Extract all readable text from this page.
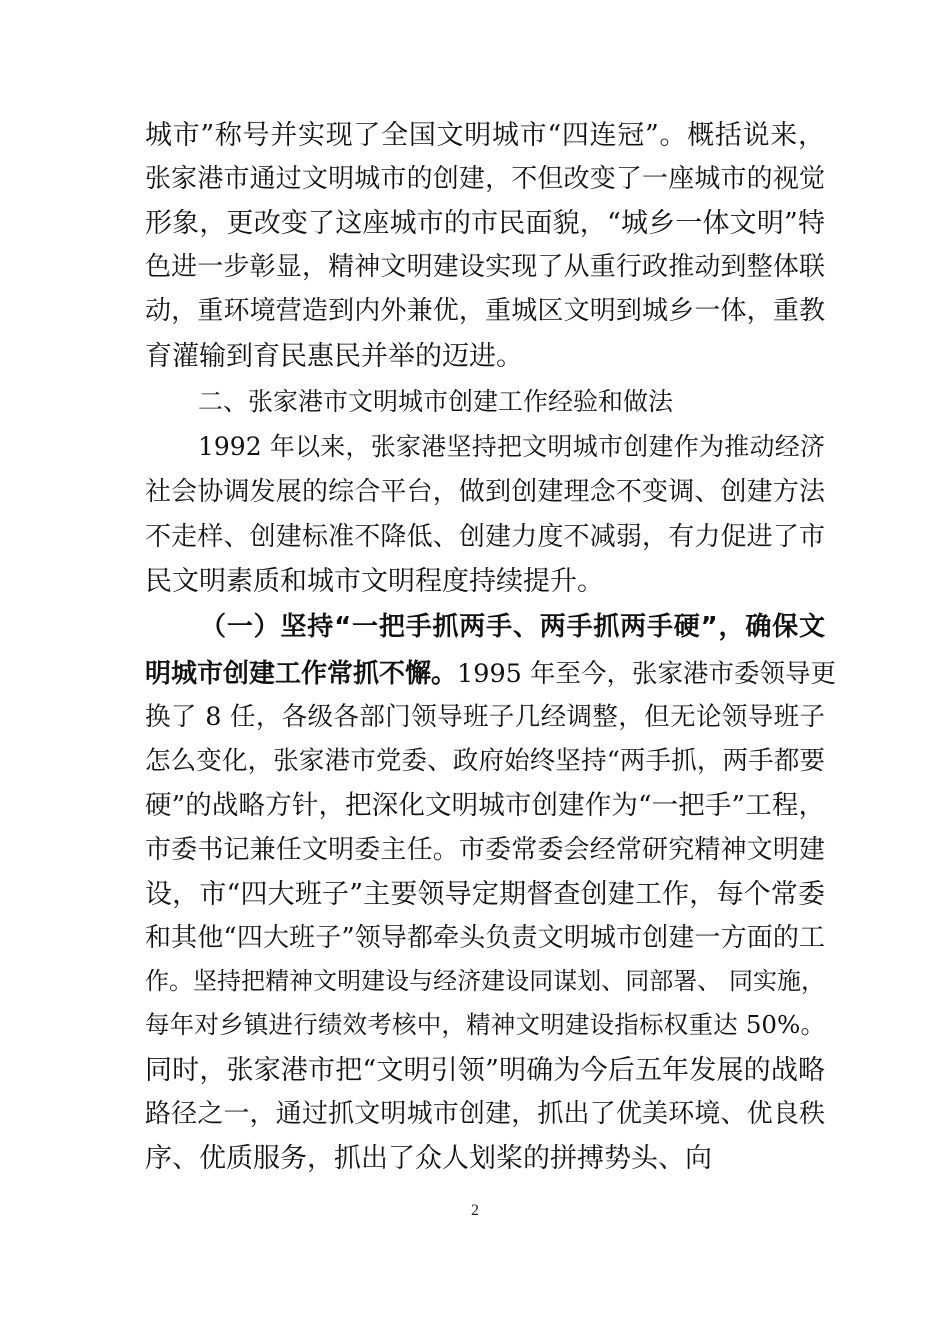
城市”称号并实现了全国文明城市“四连冠”。概括说来，
张家港市通过文明城市的创建，不但改变了一座城市的视觉
形象，更改变了这座城市的市民面貌，“城乡一体文明”特
色进一步彰显，精神文明建设实现了从重行政推动到整体联
动，重环境营造到内外兼优，重城区文明到城乡一体，重教
育灌输到育民惠民并举的迈进。
二、张家港市文明城市创建工作经验和做法
1992 年以来，张家港坚持把文明城市创建作为推动经济
社会协调发展的综合平台，做到创建理念不变调、创建方法
不走样、创建标准不降低、创建力度不减弱，有力促进了市
民文明素质和城市文明程度持续提升。
（一）坚持“一把手抓两手、两手抓两手硬”，确保文
明城市创建工作常抓不懈。1995 年至今，张家港市委领导更
换了 8 任，各级各部门领导班子几经调整，但无论领导班子
怎么变化，张家港市党委、政府始终坚持“两手抓，两手都要
硬”的战略方针，把深化文明城市创建作为“一把手”工程，
市委书记兼任文明委主任。市委常委会经常研究精神文明建
设，市“四大班子”主要领导定期督查创建工作，每个常委
和其他“四大班子”领导都牵头负责文明城市创建一方面的工
作。坚持把精神文明建设与经济建设同谋划、同部署、 同实施，
每年对乡镇进行绩效考核中，精神文明建设指标权重达 50%。
同时，张家港市把“文明引领”明确为今后五年发展的战略
路径之一，通过抓文明城市创建，抓出了优美环境、优良秩
序、优质服务，抓出了众人划桨的拼搏势头、向
2
